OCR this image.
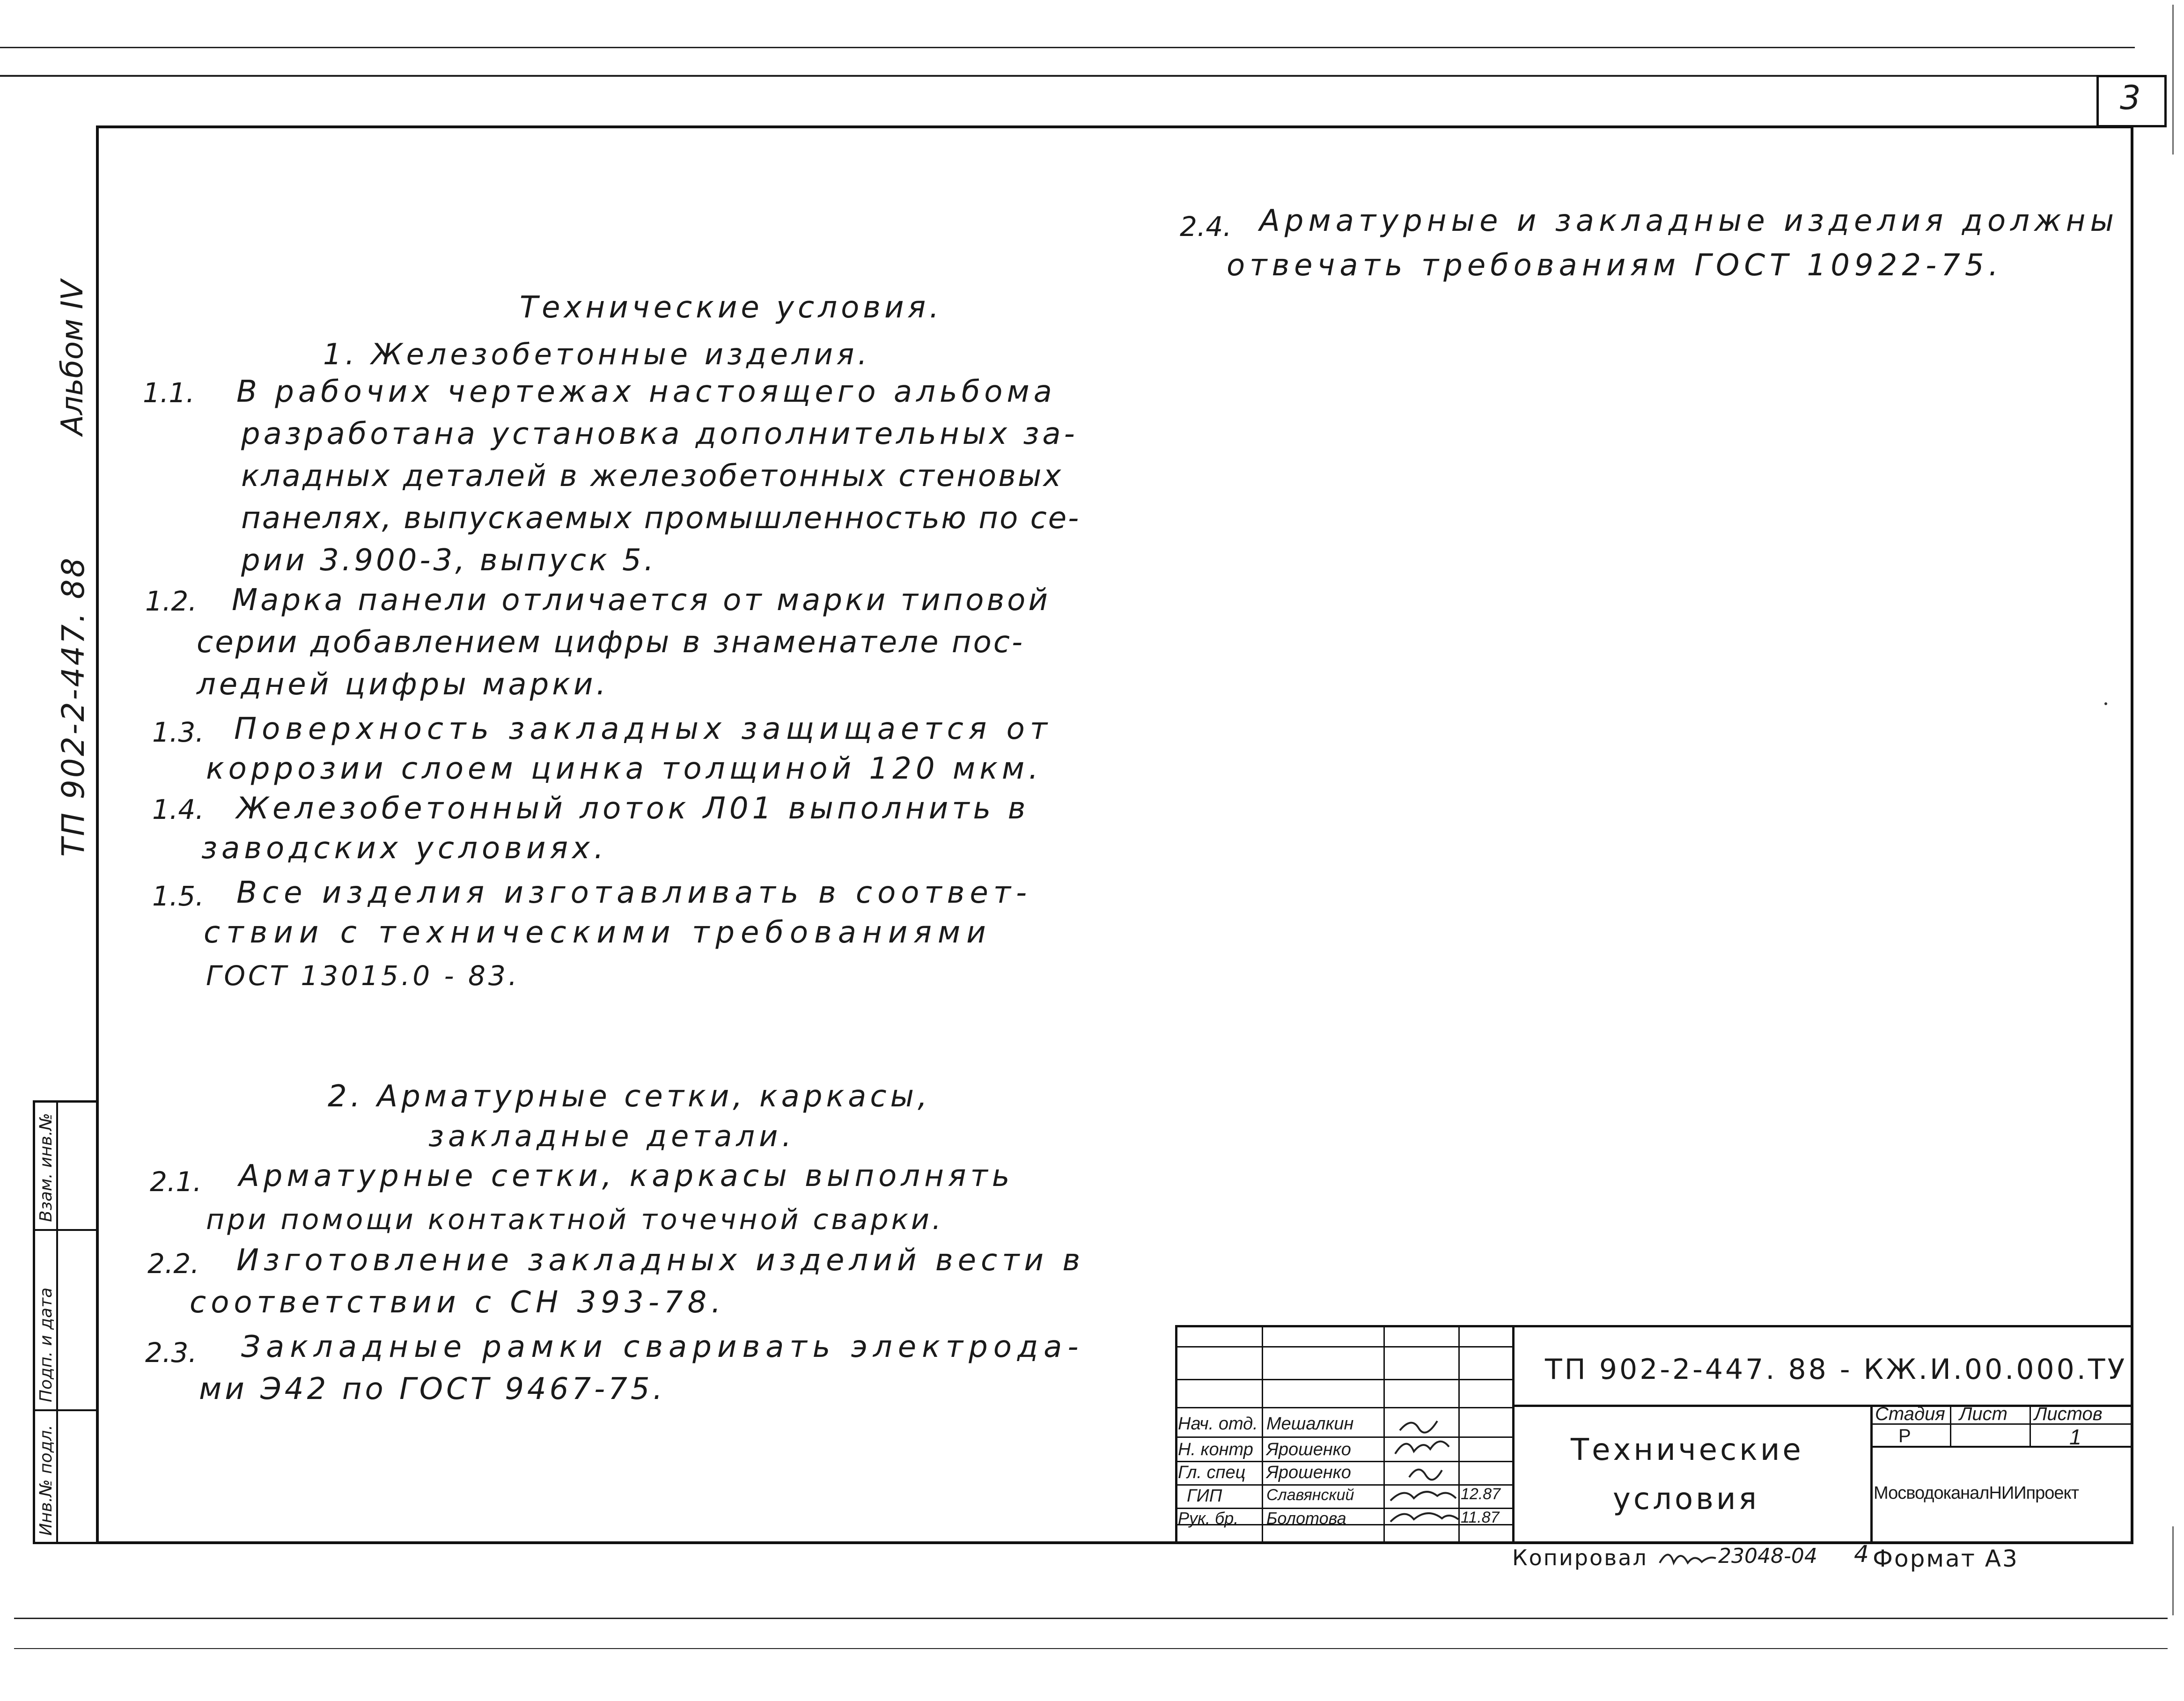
3
Альбом IV
ТП 902-2-447. 88
Инв.№ подл.
Подп. и дата
Взам. инв.№
Технические условия.
1. Железобетонные изделия.
1.1. В рабочих чертежах настоящего альбома
разработана установка дополнительных за-
кладных деталей в железобетонных стеновых
панелях, выпускаемых промышленностью по се-
рии 3.900-3, выпуск 5.
1.2. Марка панели отличается от марки типовой
серии добавлением цифры в знаменателе пос-
ледней цифры марки.
1.3. Поверхность закладных защищается от
коррозии слоем цинка толщиной 120 мкм.
1.4. Железобетонный лоток Л01 выполнить в
заводских условиях.
1.5. Все изделия изготавливать в соответ-
ствии с техническими требованиями
ГОСТ 13015.0 - 83.
2. Арматурные сетки, каркасы,
закладные детали.
2.1. Арматурные сетки, каркасы выполнять
при помощи контактной точечной сварки.
2.2. Изготовление закладных изделий вести в
соответствии с СН 393-78.
2.3. Закладные рамки сваривать электрода-
ми Э42 по ГОСТ 9467-75.
2.4. Арматурные и закладные изделия должны
отвечать требованиям ГОСТ 10922-75.
ТП 902-2-447. 88 - КЖ.И.00.000.ТУ
Технические
условия
Стадия Лист Листов
Р	1
МосводоканалНИИпроект
Нач. отд.
Н. контр
Гл. спец
ГИП
Рук. бр.
Мешалкин
Ярошенко
Ярошенко
Славянский
Болотова
12.87
11.87
Копировал	23048-04 4 Формат А3
